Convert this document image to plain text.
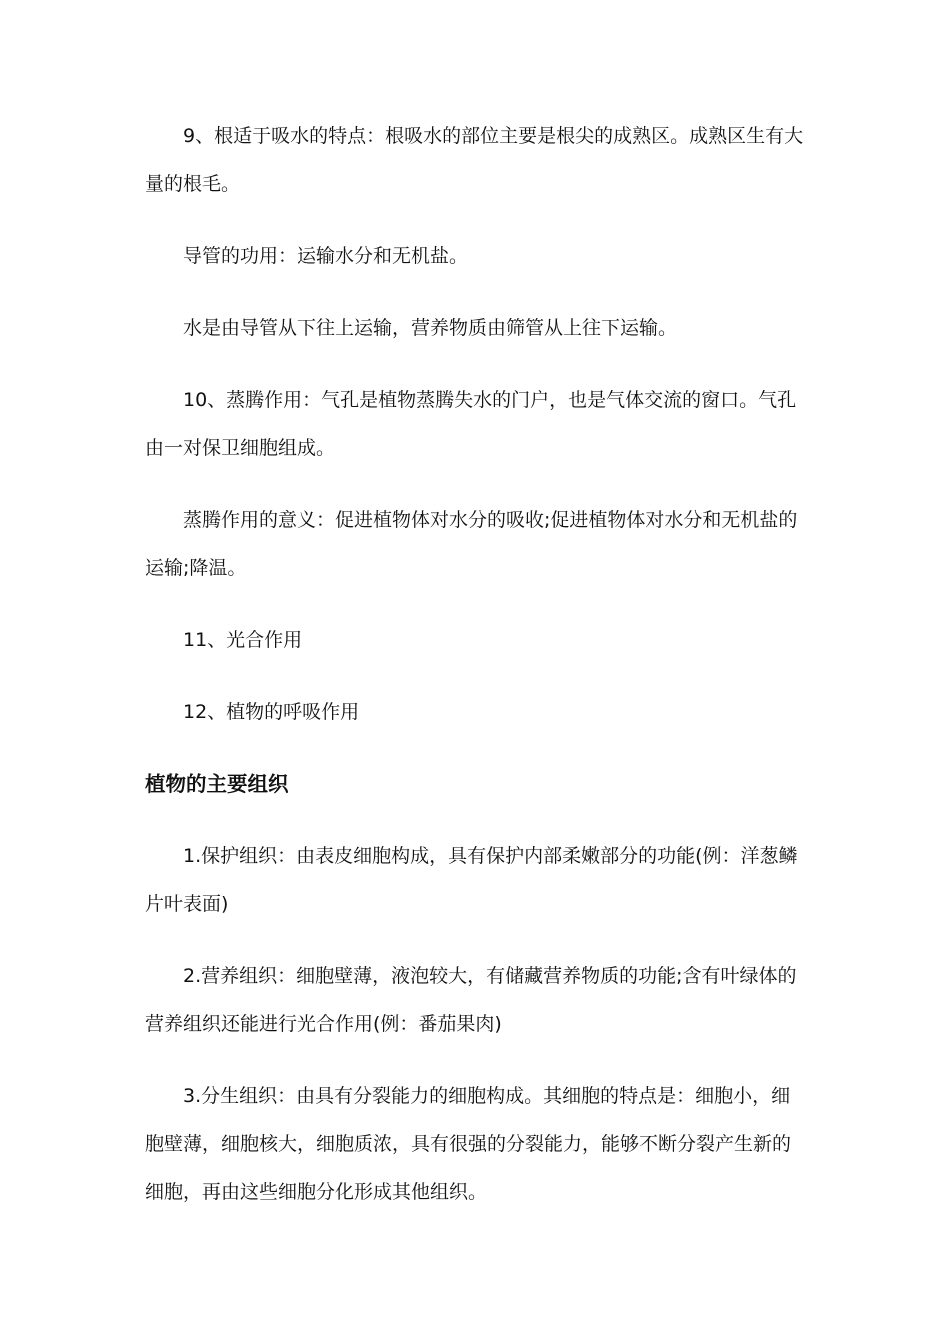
9、根适于吸水的特点：根吸水的部位主要是根尖的成熟区。成熟区生有大量的根毛。

导管的功用：运输水分和无机盐。

水是由导管从下往上运输，营养物质由筛管从上往下运输。

10、蒸腾作用：气孔是植物蒸腾失水的门户，也是气体交流的窗口。气孔由一对保卫细胞组成。

蒸腾作用的意义：促进植物体对水分的吸收;促进植物体对水分和无机盐的运输;降温。

11、光合作用

12、植物的呼吸作用

植物的主要组织

1.保护组织：由表皮细胞构成，具有保护内部柔嫩部分的功能(例：洋葱鳞片叶表面)

2.营养组织：细胞壁薄，液泡较大，有储藏营养物质的功能;含有叶绿体的营养组织还能进行光合作用(例：番茄果肉)

3.分生组织：由具有分裂能力的细胞构成。其细胞的特点是：细胞小，细胞壁薄，细胞核大，细胞质浓，具有很强的分裂能力，能够不断分裂产生新的细胞，再由这些细胞分化形成其他组织。
